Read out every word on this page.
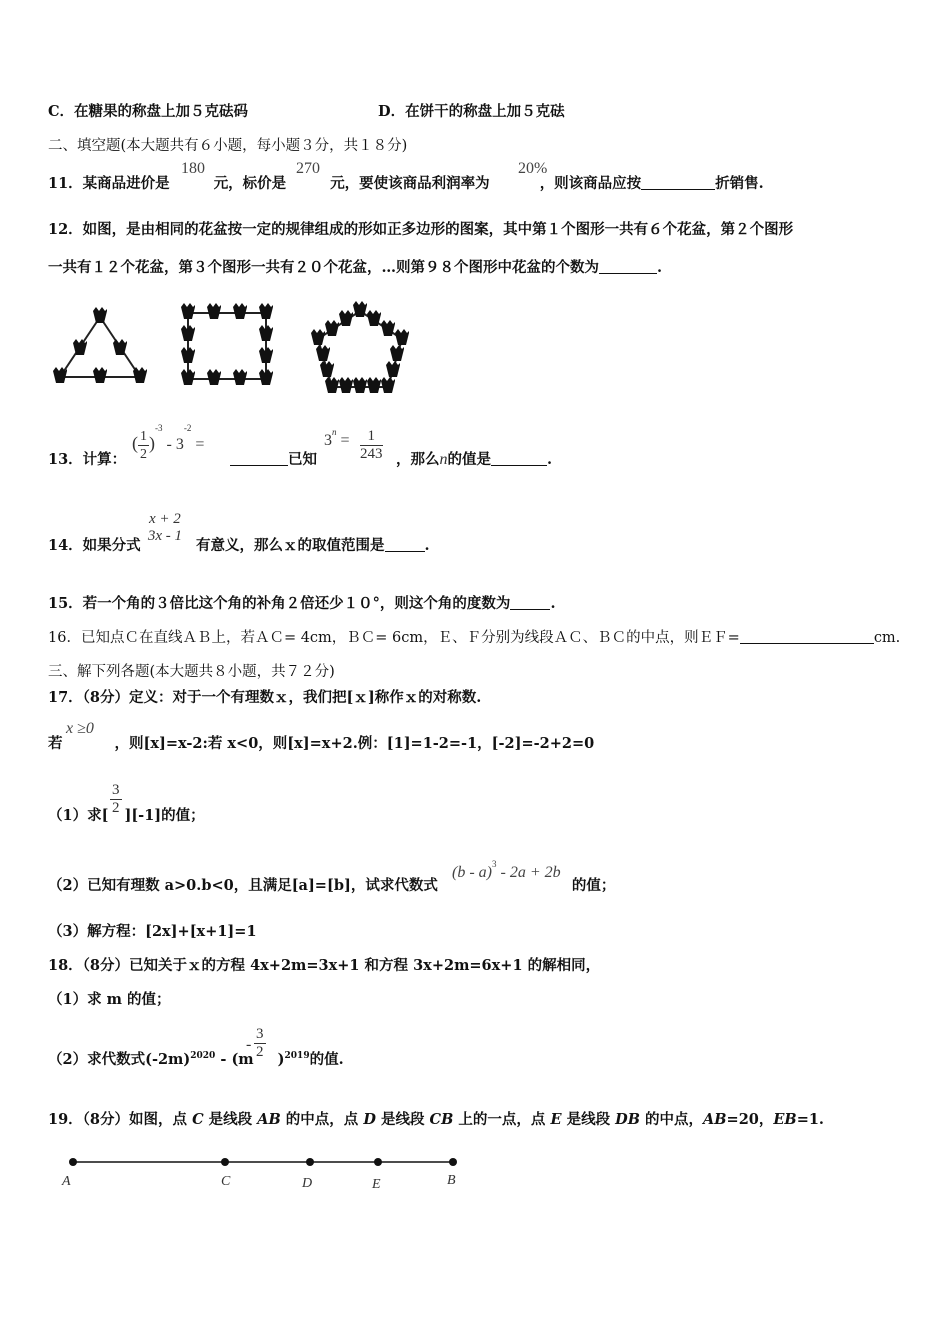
C．在糖果的称盘上加５克砝码	D．在饼干的称盘上加５克砝
二、填空题(本大题共有６小题，每小题３分，共１８分)
11．某商品进价是	元，标价是	元，要使该商品利润率为	，则该商品应按	折销售.
180	270	20%
12．如图，是由相同的花盆按一定的规律组成的形如正多边形的图案，其中第１个图形一共有６个花盆，第２个图形
一共有１２个花盆，第３个图形一共有２０个花盆，…则第９８个图形中花盆的个数为	.
13．计算：
( $\frac{1}{2} )^{-3} - 3^{-2}$ =
已知
$3^n = \frac{1}{243}$ ，那么n的值是	.
14．如果分式
x + 2
3x - 1
有意义，那么ｘ的取值范围是	.
15．若一个角的３倍比这个角的补角２倍还少１０°，则这个角的度数为	.
16．已知点Ｃ在直线ＡＢ上，若ＡＣ= 4cm，ＢＣ= 6cm，Ｅ、Ｆ分别为线段ＡＣ、ＢＣ的中点，则ＥＦ=	cm.
三、解下列各题(本大题共８小题，共７２分)
17．（8分）定义：对于一个有理数ｘ，我们把[ｘ]称作ｘ的对称数.
若	，则[x]=x-2:若 x<0，则[x]=x+2.例：[1]=1-2=-1，[-2]=-2+2=0
x ≥0
（1）求[ ][-1]的值；
$\frac{3}{2}$
（2）已知有理数 a>0.b<0，且满足[a]=[b]，试求代数式	的值；
(b - a)$^3$ - 2a + 2b
（3）解方程：[2x]+[x+1]=1
18．（8分）已知关于ｘ的方程 4x+2m=3x+1 和方程 3x+2m=6x+1 的解相同，
（1）求 m 的值；
（2）求代数式$(-2m)^{2020} - (m$ )$^{2019}$的值.
- $\frac{3}{2}$
19．（8分）如图，点 C 是线段 AB 的中点，点 D 是线段 CB 上的一点，点 E 是线段 DB 的中点，AB=20，EB=1.
A	C	D	E	B
